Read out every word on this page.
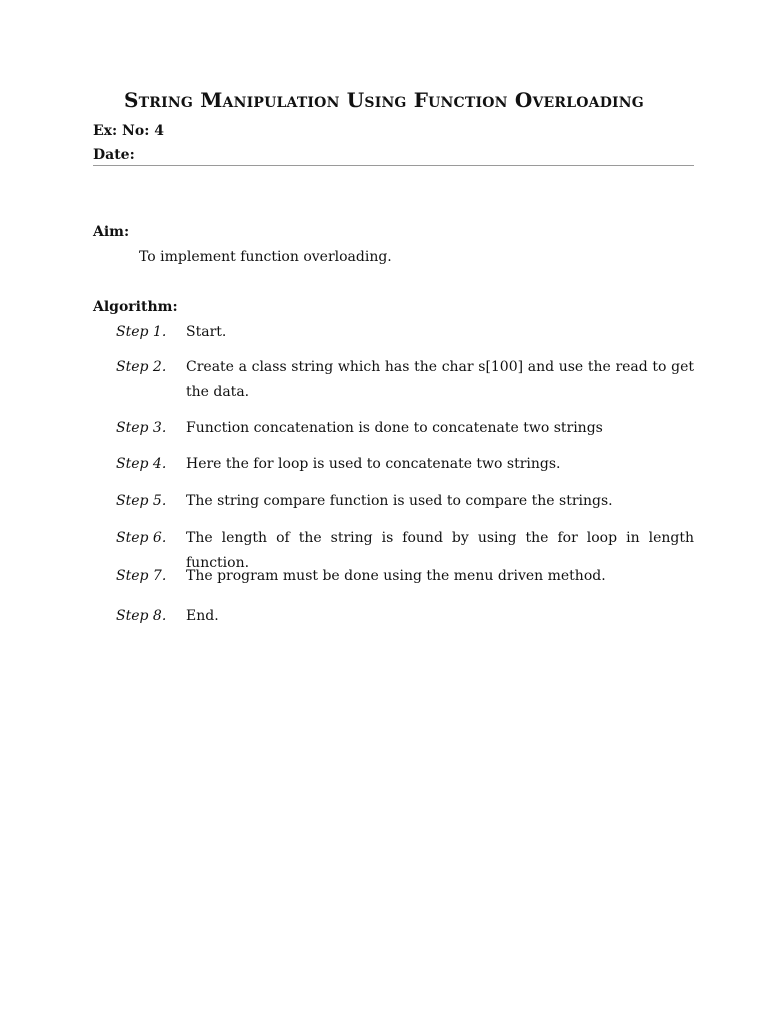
String Manipulation Using Function Overloading
Ex: No: 4
Date:
Aim:
To implement function overloading.
Algorithm:
Step 1.	Start.
Step 2.	Create a class string which has the char s[100] and use the read to get the data.
Step 3.	Function concatenation is done to concatenate two strings
Step 4.	Here the for loop is used to concatenate two strings.
Step 5.	The string compare function is used to compare the strings.
Step 6.	The length of the string is found by using the for loop in length function.
Step 7.	The program must be done using the menu driven method.
Step 8.	End.
